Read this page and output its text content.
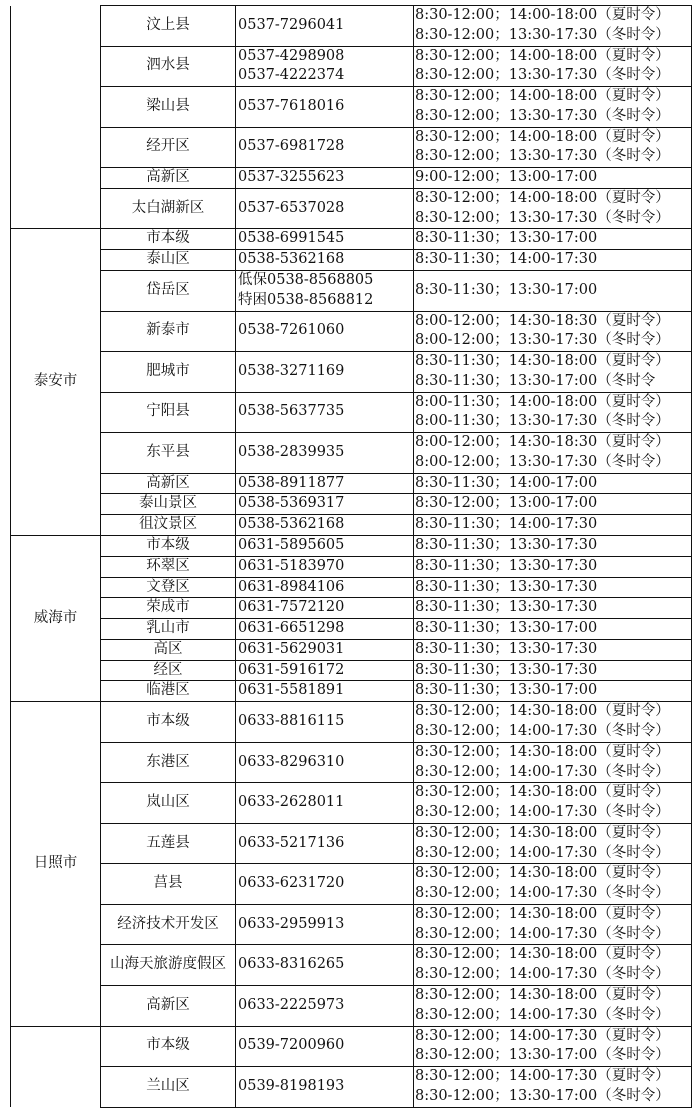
	汶上县	0537-7296041	8:30-12:00；14:00-18:00（夏时令）
8:30-12:00；13:30-17:30（冬时令）

	泗水县	0537-4298908
0537-4222374	8:30-12:00；14:00-18:00（夏时令）
8:30-12:00；13:30-17:30（冬时令）

	梁山县	0537-7618016	8:30-12:00；14:00-18:00（夏时令）
8:30-12:00；13:30-17:30（冬时令）

	经开区	0537-6981728	8:30-12:00；14:00-18:00（夏时令）
8:30-12:00；13:30-17:30（冬时令）

	高新区	0537-3255623	9:00-12:00；13:00-17:00

	太白湖新区	0537-6537028	8:30-12:00；14:00-18:00（夏时令）
8:30-12:00；13:30-17:30（冬时令）

泰安市	市本级	0538-6991545	8:30-11:30；13:30-17:00

	泰山区	0538-5362168	8:30-11:30；14:00-17:30

	岱岳区	低保0538-8568805
特困0538-8568812	8:30-11:30；13:30-17:00

	新泰市	0538-7261060	8:00-12:00；14:30-18:30（夏时令）
8:00-12:00；13:30-17:30（冬时令）

	肥城市	0538-3271169	8:30-11:30；14:30-18:00（夏时令）
8:30-11:30；13:30-17:00（冬时令

	宁阳县	0538-5637735	8:00-11:30；14:00-18:00（夏时令）
8:00-11:30；13:30-17:30（冬时令）

	东平县	0538-2839935	8:00-12:00；14:30-18:30（夏时令）
8:00-12:00；13:30-17:30（冬时令）

	高新区	0538-8911877	8:30-11:30；14:00-17:00

	泰山景区	0538-5369317	8:30-12:00；13:00-17:00

	徂汶景区	0538-5362168	8:30-11:30；14:00-17:30

威海市	市本级	0631-5895605	8:30-11:30；13:30-17:30

	环翠区	0631-5183970	8:30-11:30；13:30-17:30

	文登区	0631-8984106	8:30-11:30；13:30-17:30

	荣成市	0631-7572120	8:30-11:30；13:30-17:30

	乳山市	0631-6651298	8:30-11:30；13:30-17:00

	高区	0631-5629031	8:30-11:30；13:30-17:30

	经区	0631-5916172	8:30-11:30；13:30-17:30

	临港区	0631-5581891	8:30-11:30；13:30-17:00

日照市	市本级	0633-8816115	8:30-12:00；14:30-18:00（夏时令）
8:30-12:00；14:00-17:30（冬时令）

	东港区	0633-8296310	8:30-12:00；14:30-18:00（夏时令）
8:30-12:00；14:00-17:30（冬时令）

	岚山区	0633-2628011	8:30-12:00；14:30-18:00（夏时令）
8:30-12:00；14:00-17:30（冬时令）

	五莲县	0633-5217136	8:30-12:00；14:30-18:00（夏时令）
8:30-12:00；14:00-17:30（冬时令）

	莒县	0633-6231720	8:30-12:00；14:30-18:00（夏时令）
8:30-12:00；14:00-17:30（冬时令）

	经济技术开发区	0633-2959913	8:30-12:00；14:30-18:00（夏时令）
8:30-12:00；14:00-17:30（冬时令）

	山海天旅游度假区	0633-8316265	8:30-12:00；14:30-18:00（夏时令）
8:30-12:00；14:00-17:30（冬时令）

	高新区	0633-2225973	8:30-12:00；14:30-18:00（夏时令）
8:30-12:00；14:00-17:30（冬时令）

	市本级	0539-7200960	8:30-12:00；14:00-17:30（夏时令）
8:30-12:00；13:30-17:00（冬时令）

	兰山区	0539-8198193	8:30-12:00；14:00-17:30（夏时令）
8:30-12:00；13:30-17:00（冬时令）
